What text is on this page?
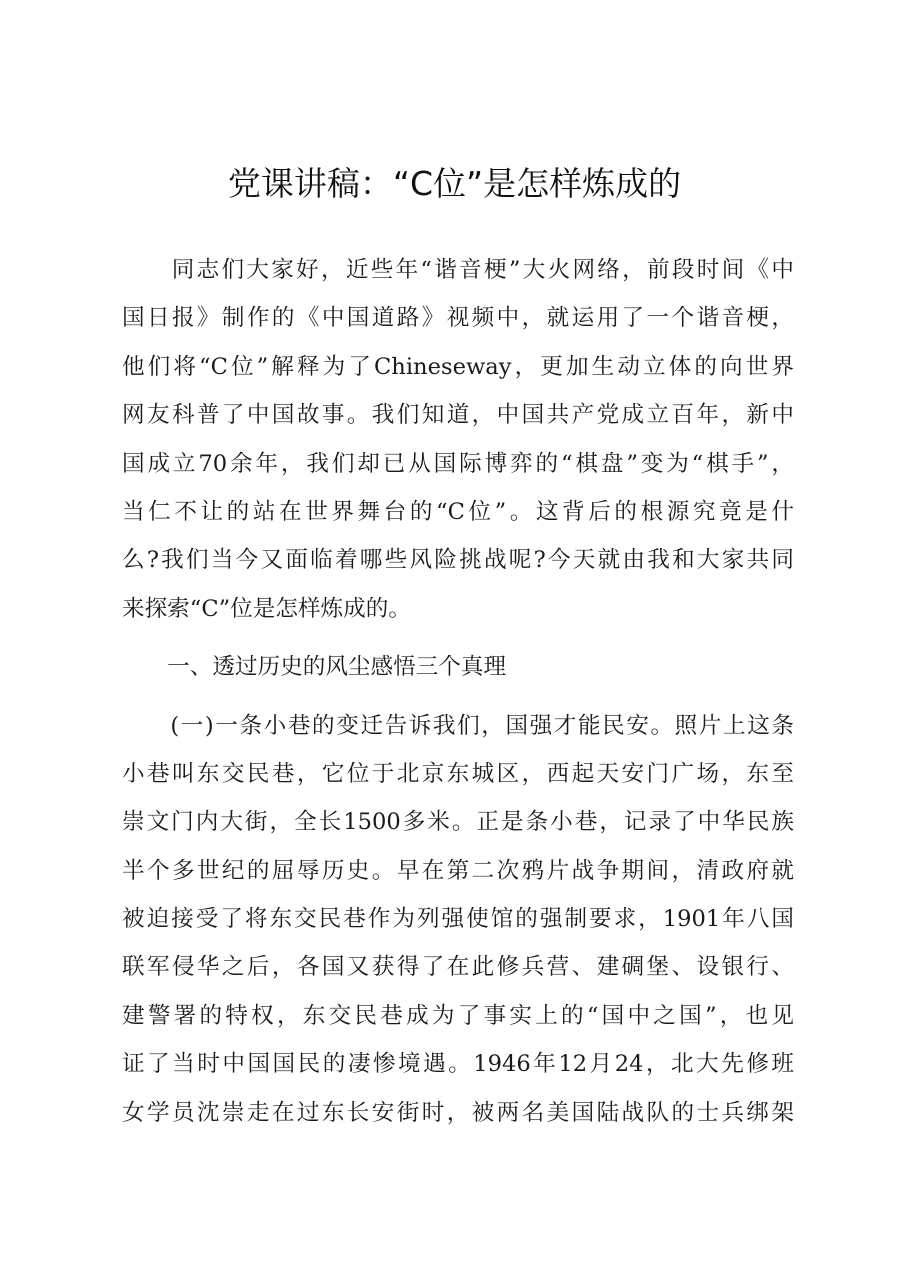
党课讲稿：“C位”是怎样炼成的
　　同志们大家好，近些年“谐音梗”大火网络，前段时间《中
国日报》制作的《中国道路》视频中，就运用了一个谐音梗，
他们将“C位”解释为了Chineseway，更加生动立体的向世界
网友科普了中国故事。我们知道，中国共产党成立百年，新中
国成立70余年，我们却已从国际博弈的“棋盘”变为“棋手”，
当仁不让的站在世界舞台的“C位”。这背后的根源究竟是什
么?我们当今又面临着哪些风险挑战呢?今天就由我和大家共同
来探索“C”位是怎样炼成的。
　　一、透过历史的风尘感悟三个真理
　　(一)一条小巷的变迁告诉我们，国强才能民安。照片上这条
小巷叫东交民巷，它位于北京东城区，西起天安门广场，东至
崇文门内大街，全长1500多米。正是条小巷，记录了中华民族
半个多世纪的屈辱历史。早在第二次鸦片战争期间，清政府就
被迫接受了将东交民巷作为列强使馆的强制要求，1901年八国
联军侵华之后，各国又获得了在此修兵营、建碉堡、设银行、
建警署的特权，东交民巷成为了事实上的“国中之国”，也见
证了当时中国国民的凄惨境遇。1946年12月24，北大先修班
女学员沈崇走在过东长安街时，被两名美国陆战队的士兵绑架
